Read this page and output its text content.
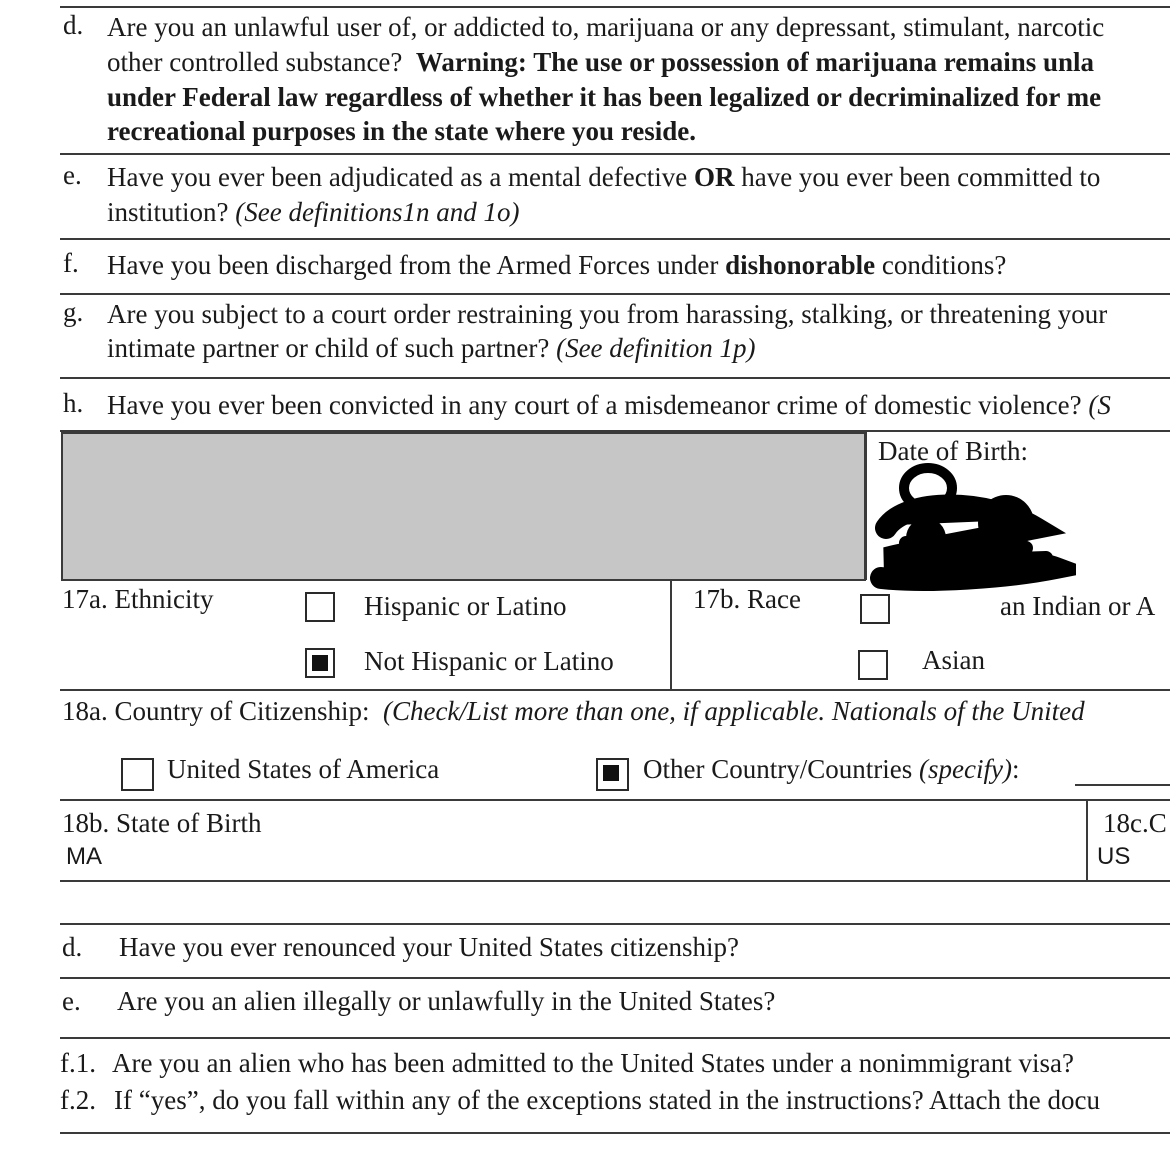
d. Are you an unlawful user of, or addicted to, marijuana or any depressant, stimulant, narcotic
other controlled substance? Warning: The use or possession of marijuana remains unla
under Federal law regardless of whether it has been legalized or decriminalized for me
recreational purposes in the state where you reside.
e. Have you ever been adjudicated as a mental defective OR have you ever been committed to
institution? (See definitions1n and 1o)
f. Have you been discharged from the Armed Forces under dishonorable conditions?
g. Are you subject to a court order restraining you from harassing, stalking, or threatening your
intimate partner or child of such partner? (See definition 1p)
h. Have you ever been convicted in any court of a misdemeanor crime of domestic violence? (S
Date of Birth:
17a. Ethnicity	Hispanic or Latino
Not Hispanic or Latino
17b. Race	an Indian or A
Asian
18a. Country of Citizenship: (Check/List more than one, if applicable. Nationals of the United
United States of America	Other Country/Countries (specify):
18b. State of Birth
MA
18c.C
US
d. Have you ever renounced your United States citizenship?
e. Are you an alien illegally or unlawfully in the United States?
f.1. Are you an alien who has been admitted to the United States under a nonimmigrant visa?
f.2. If “yes”, do you fall within any of the exceptions stated in the instructions? Attach the docu
